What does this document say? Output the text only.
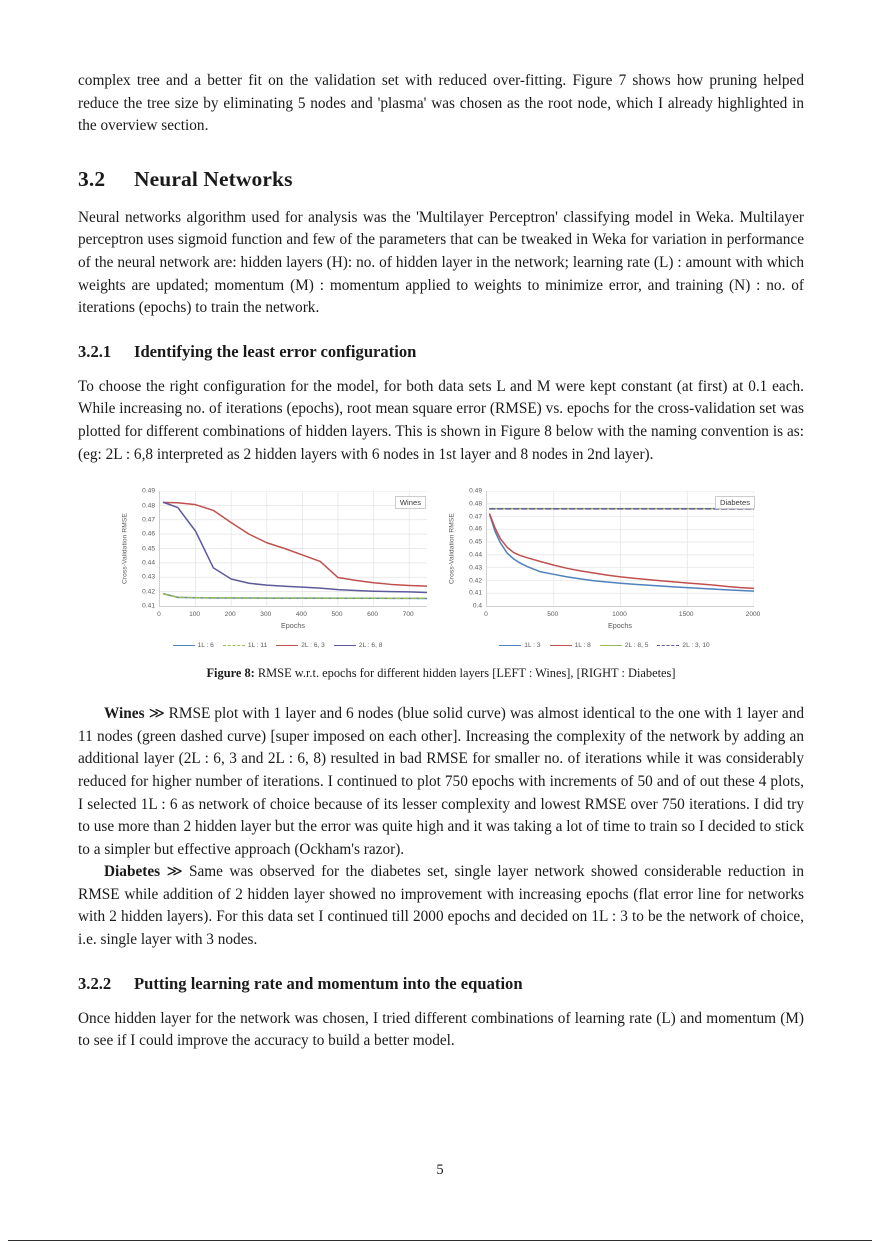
complex tree and a better fit on the validation set with reduced over-fitting. Figure 7 shows how pruning helped reduce the tree size by eliminating 5 nodes and 'plasma' was chosen as the root node, which I already highlighted in the overview section.

3.2 Neural Networks

Neural networks algorithm used for analysis was the 'Multilayer Perceptron' classifying model in Weka. Multilayer perceptron uses sigmoid function and few of the parameters that can be tweaked in Weka for variation in performance of the neural network are: hidden layers (H): no. of hidden layer in the network; learning rate (L) : amount with which weights are updated; momentum (M) : momentum applied to weights to minimize error, and training (N) : no. of iterations (epochs) to train the network.

3.2.1 Identifying the least error configuration

To choose the right configuration for the model, for both data sets L and M were kept constant (at first) at 0.1 each. While increasing no. of iterations (epochs), root mean square error (RMSE) vs. epochs for the cross-validation set was plotted for different combinations of hidden layers. This is shown in Figure 8 below with the naming convention is as: (eg: 2L : 6,8 interpreted as 2 hidden layers with 6 nodes in 1st layer and 8 nodes in 2nd layer).

Cross-Validation RMSE
0.49
0.48
0.47
0.46
0.45
0.44
0.43
0.42
0.41
Wines
0	100	200	300	400	500	600	700
Epochs
1L : 6	1L : 11	2L : 6, 3	2L : 6, 8
Cross-Validation RMSE
0.49
0.48
0.47
0.46
0.45
0.44
0.43
0.42
0.41
0.4
Diabetes
0	500	1000	1500	2000
Epochs
1L : 3	1L : 8	2L : 8, 5	2L : 3, 10
Figure 8: RMSE w.r.t. epochs for different hidden layers [LEFT : Wines], [RIGHT : Diabetes]

Wines ≫ RMSE plot with 1 layer and 6 nodes (blue solid curve) was almost identical to the one with 1 layer and 11 nodes (green dashed curve) [super imposed on each other]. Increasing the complexity of the network by adding an additional layer (2L : 6, 3 and 2L : 6, 8) resulted in bad RMSE for smaller no. of iterations while it was considerably reduced for higher number of iterations. I continued to plot 750 epochs with increments of 50 and of out these 4 plots, I selected 1L : 6 as network of choice because of its lesser complexity and lowest RMSE over 750 iterations. I did try to use more than 2 hidden layer but the error was quite high and it was taking a lot of time to train so I decided to stick to a simpler but effective approach (Ockham's razor).

Diabetes ≫ Same was observed for the diabetes set, single layer network showed considerable reduction in RMSE while addition of 2 hidden layer showed no improvement with increasing epochs (flat error line for networks with 2 hidden layers). For this data set I continued till 2000 epochs and decided on 1L : 3 to be the network of choice, i.e. single layer with 3 nodes.

3.2.2 Putting learning rate and momentum into the equation

Once hidden layer for the network was chosen, I tried different combinations of learning rate (L) and momentum (M) to see if I could improve the accuracy to build a better model.

5
